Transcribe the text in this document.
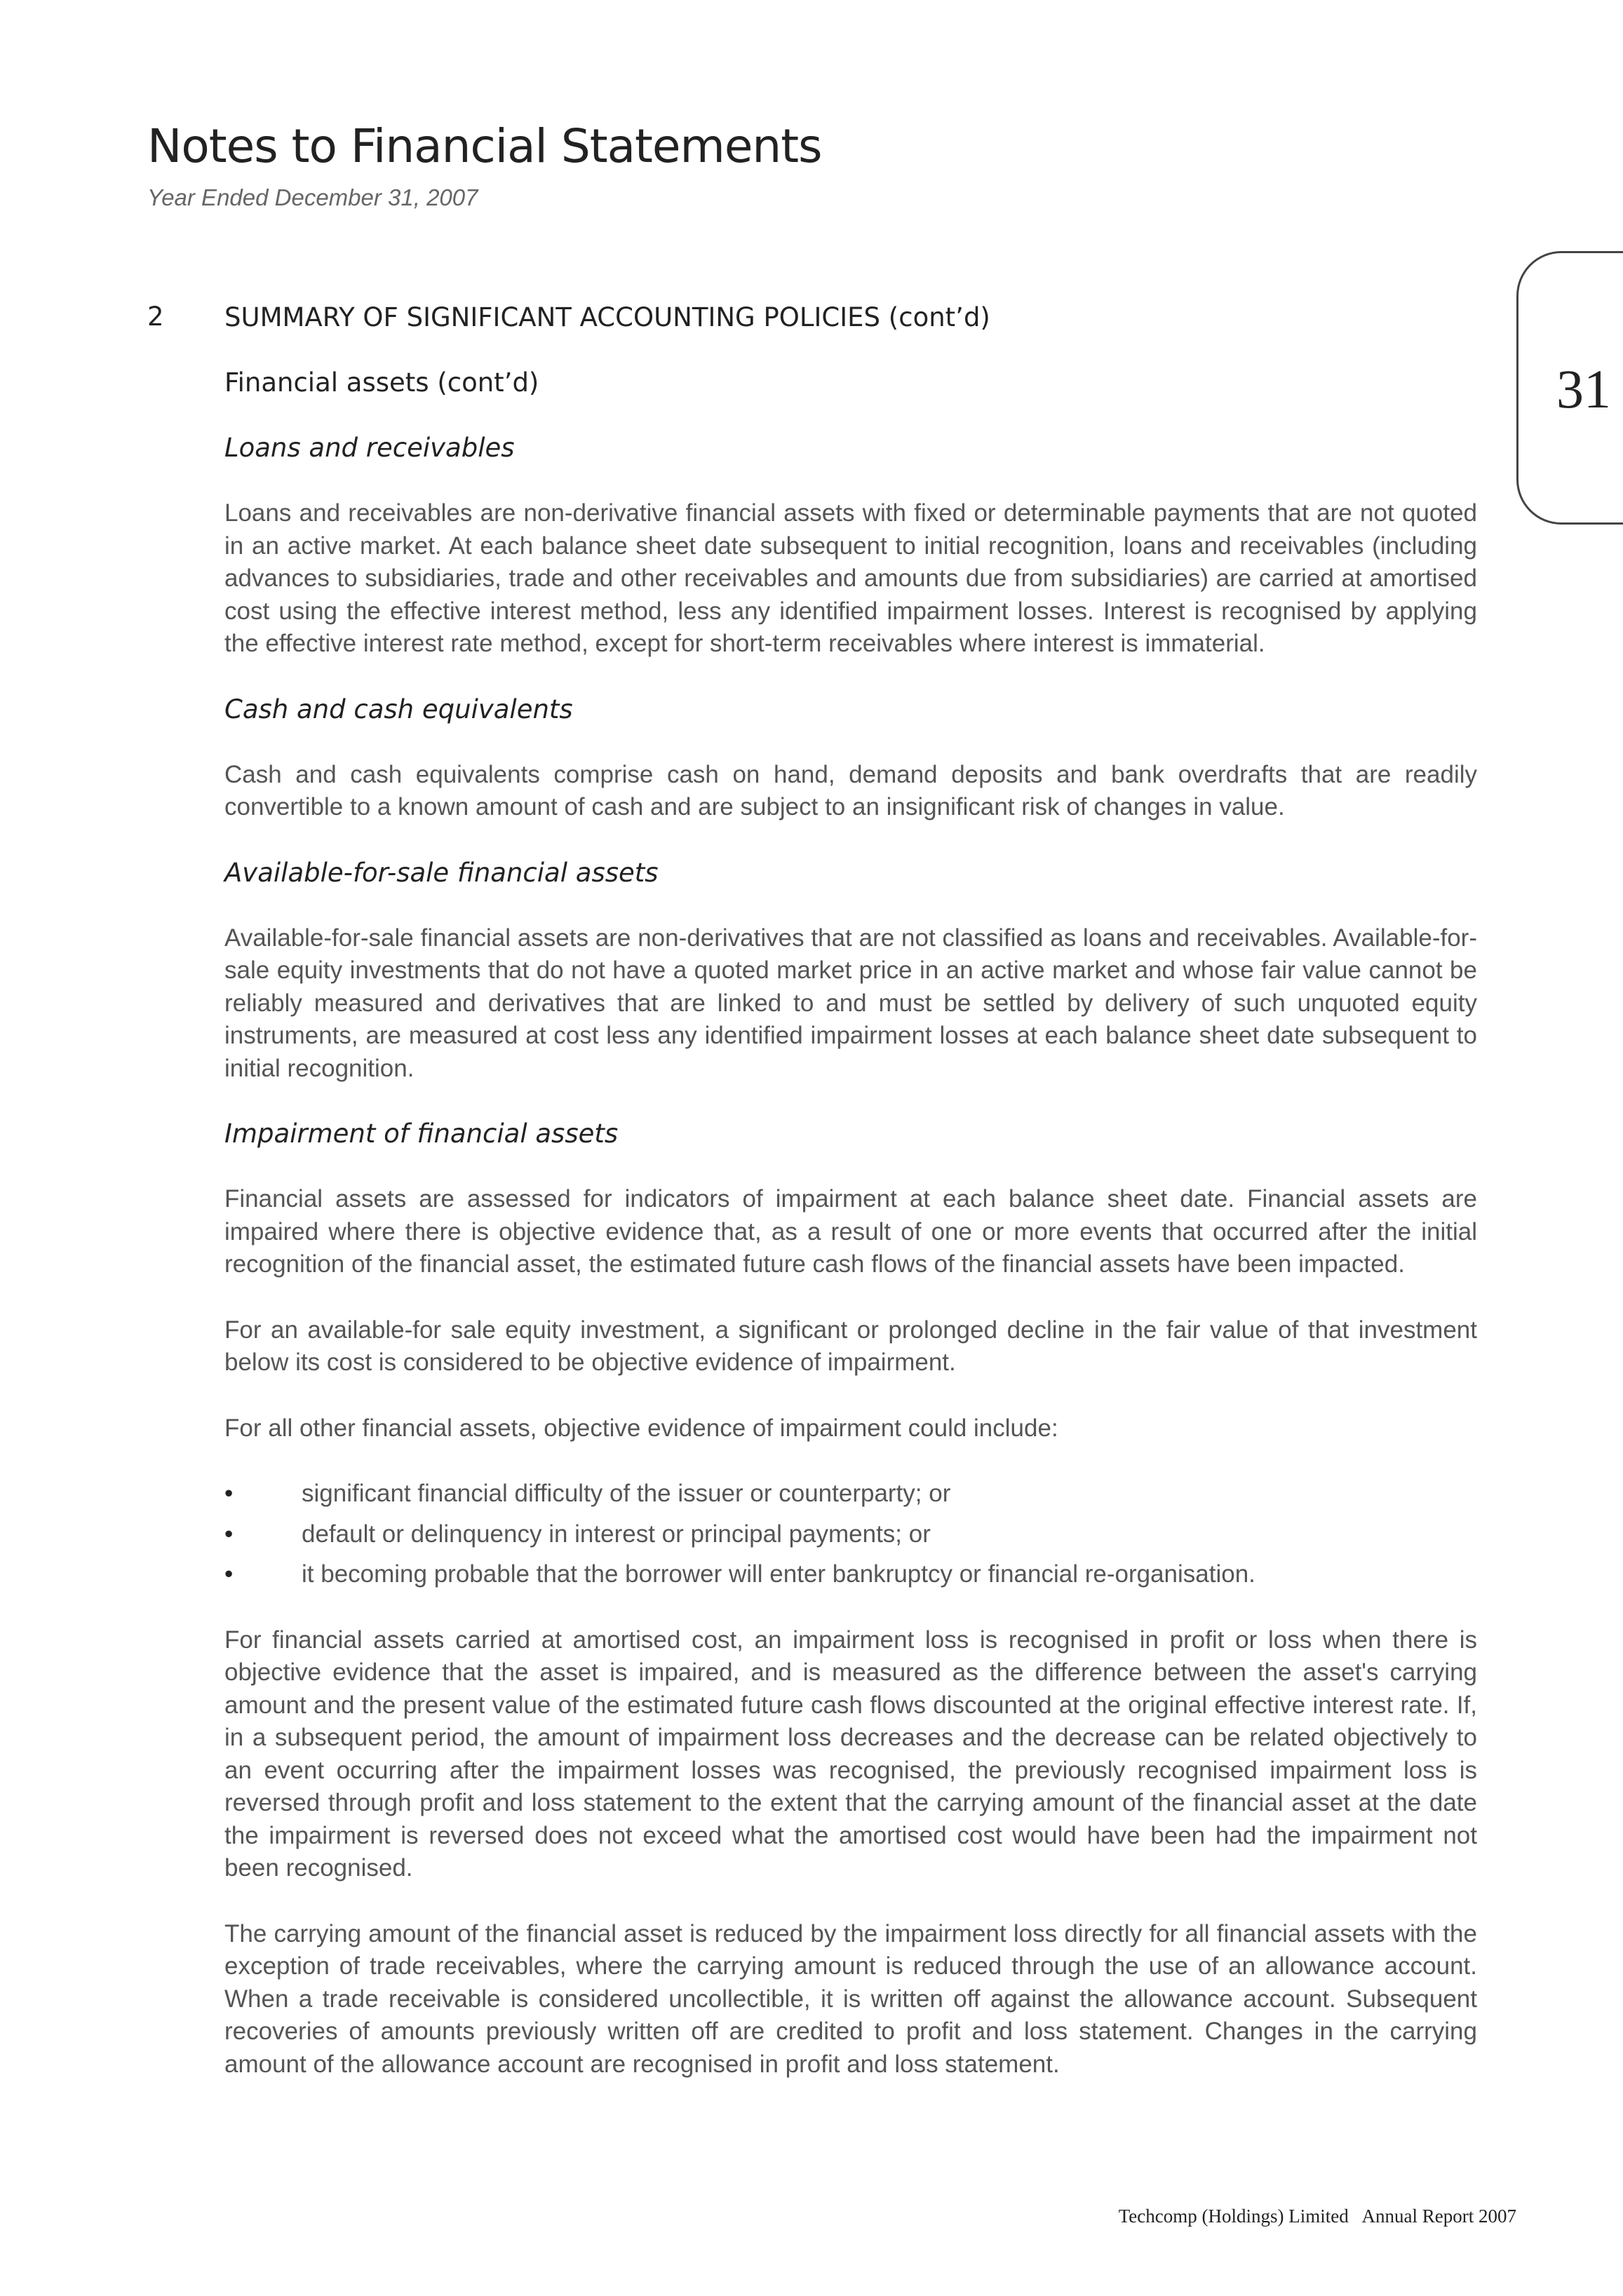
Notes to Financial Statements
Year Ended December 31, 2007
31
2 SUMMARY OF SIGNIFICANT ACCOUNTING POLICIES (cont’d)
Financial assets (cont’d)
Loans and receivables

Loans and receivables are non-derivative financial assets with fixed or determinable payments that are not quoted in an active market. At each balance sheet date subsequent to initial recognition, loans and receivables (including advances to subsidiaries, trade and other receivables and amounts due from subsidiaries) are carried at amortised cost using the effective interest method, less any identified impairment losses. Interest is recognised by applying the effective interest rate method, except for short-term receivables where interest is immaterial.

Cash and cash equivalents

Cash and cash equivalents comprise cash on hand, demand deposits and bank overdrafts that are readily convertible to a known amount of cash and are subject to an insignificant risk of changes in value.

Available-for-sale financial assets

Available-for-sale financial assets are non-derivatives that are not classified as loans and receivables. Available-for-sale equity investments that do not have a quoted market price in an active market and whose fair value cannot be reliably measured and derivatives that are linked to and must be settled by delivery of such unquoted equity instruments, are measured at cost less any identified impairment losses at each balance sheet date subsequent to initial recognition.

Impairment of financial assets

Financial assets are assessed for indicators of impairment at each balance sheet date. Financial assets are impaired where there is objective evidence that, as a result of one or more events that occurred after the initial recognition of the financial asset, the estimated future cash flows of the financial assets have been impacted.

For an available-for sale equity investment, a significant or prolonged decline in the fair value of that investment below its cost is considered to be objective evidence of impairment.

For all other financial assets, objective evidence of impairment could include:

•	significant financial difficulty of the issuer or counterparty; or
•	default or delinquency in interest or principal payments; or
•	it becoming probable that the borrower will enter bankruptcy or financial re-organisation.

For financial assets carried at amortised cost, an impairment loss is recognised in profit or loss when there is objective evidence that the asset is impaired, and is measured as the difference between the asset's carrying amount and the present value of the estimated future cash flows discounted at the original effective interest rate. If, in a subsequent period, the amount of impairment loss decreases and the decrease can be related objectively to an event occurring after the impairment losses was recognised, the previously recognised impairment loss is reversed through profit and loss statement to the extent that the carrying amount of the financial asset at the date the impairment is reversed does not exceed what the amortised cost would have been had the impairment not been recognised.

The carrying amount of the financial asset is reduced by the impairment loss directly for all financial assets with the exception of trade receivables, where the carrying amount is reduced through the use of an allowance account. When a trade receivable is considered uncollectible, it is written off against the allowance account. Subsequent recoveries of amounts previously written off are credited to profit and loss statement. Changes in the carrying amount of the allowance account are recognised in profit and loss statement.

Techcomp (Holdings) Limited Annual Report 2007
